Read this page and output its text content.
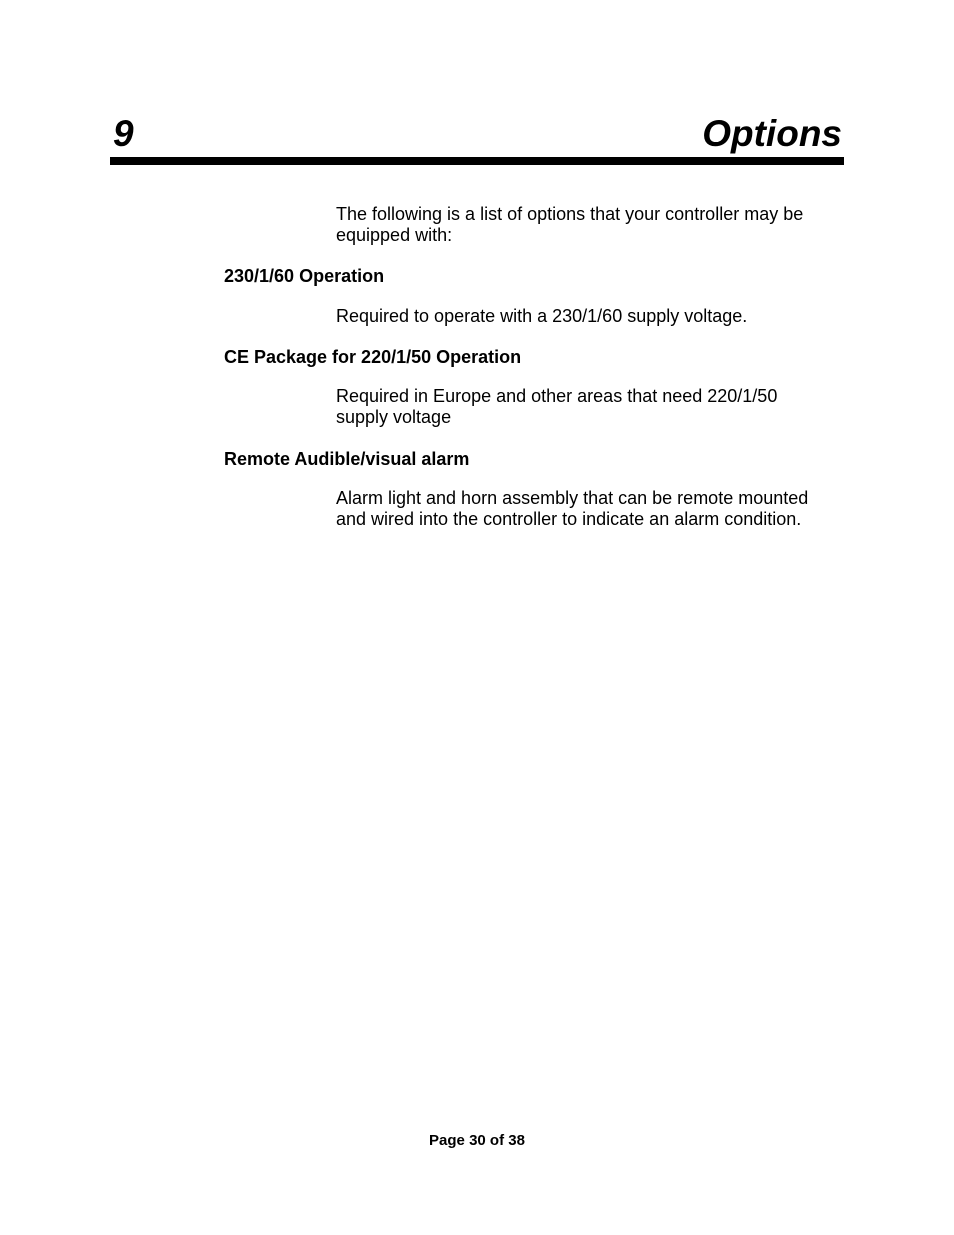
9	Options

The following is a list of options that your controller may be equipped with:

230/1/60 Operation

Required to operate with a 230/1/60 supply voltage.

CE Package for 220/1/50 Operation

Required in Europe and other areas that need 220/1/50 supply voltage

Remote Audible/visual alarm

Alarm light and horn assembly that can be remote mounted and wired into the controller to indicate an alarm condition.

Page 30 of 38
